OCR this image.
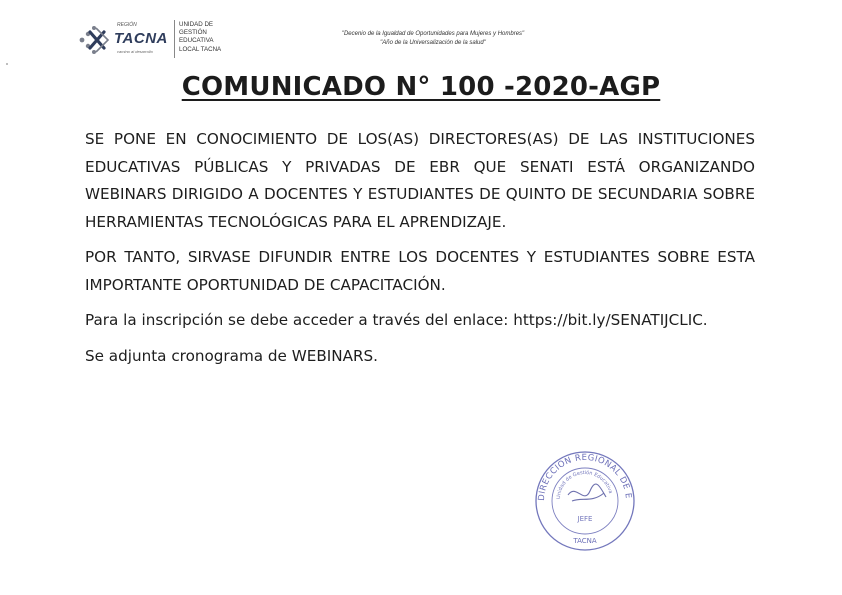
REGIÓN
TACNA
camino al desarrollo
UNIDAD DE
GESTIÓN
EDUCATIVA
LOCAL TACNA
"Decenio de la Igualdad de Oportunidades para Mujeres y Hombres"
"Año de la Universalización de la salud"
COMUNICADO N° 100 -2020-AGP

SE PONE EN CONOCIMIENTO DE LOS(AS) DIRECTORES(AS) DE LAS INSTITUCIONES EDUCATIVAS PÚBLICAS Y PRIVADAS DE EBR QUE SENATI ESTÁ ORGANIZANDO WEBINARS DIRIGIDO A DOCENTES Y ESTUDIANTES DE QUINTO DE SECUNDARIA SOBRE HERRAMIENTAS TECNOLÓGICAS PARA EL APRENDIZAJE.

POR TANTO, SIRVASE DIFUNDIR ENTRE LOS DOCENTES Y ESTUDIANTES SOBRE ESTA IMPORTANTE OPORTUNIDAD DE CAPACITACIÓN.

Para la inscripción se debe acceder a través del enlace: https://bit.ly/SENATIJCLIC.

Se adjunta cronograma de WEBINARS.

DIRECCION REGIONAL DE E
Unidad de Gestión Educativa
JEFE
TACNA
